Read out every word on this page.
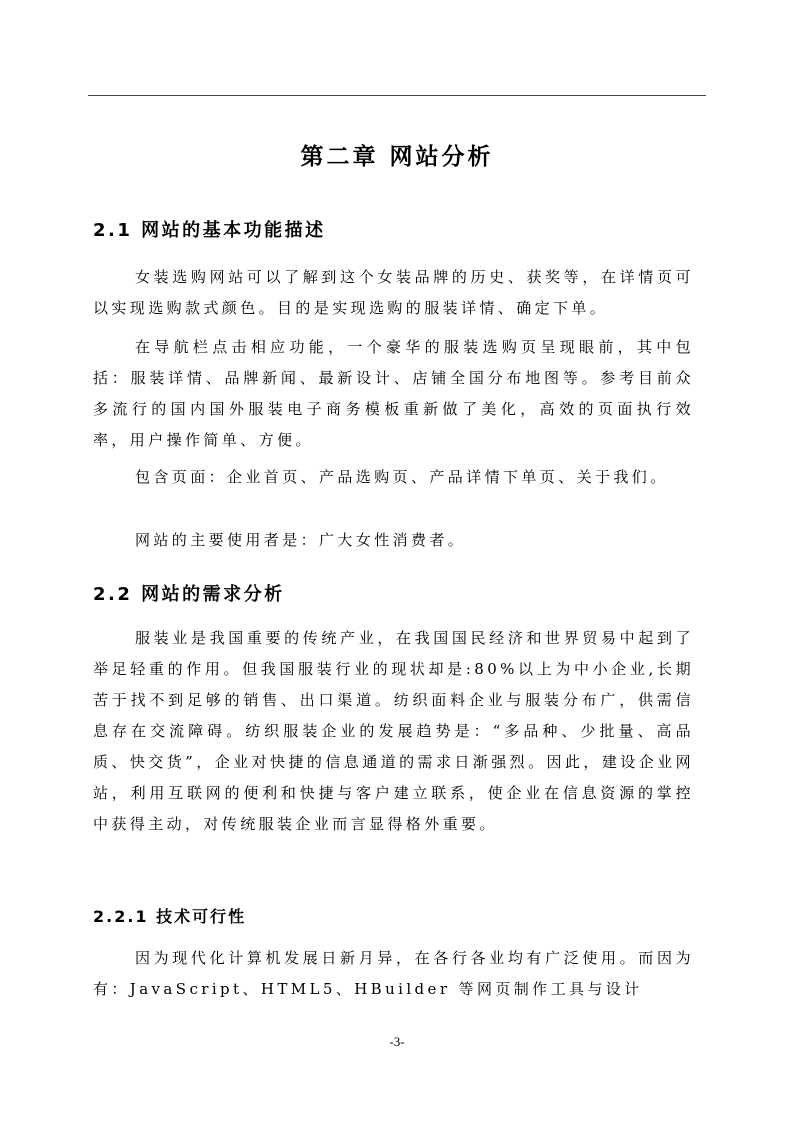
第二章 网站分析
2.1 网站的基本功能描述
女装选购网站可以了解到这个女装品牌的历史、获奖等，在详情页可以实现选购款式颜色。目的是实现选购的服装详情、确定下单。
在导航栏点击相应功能，一个豪华的服装选购页呈现眼前，其中包括：服装详情、品牌新闻、最新设计、店铺全国分布地图等。参考目前众多流行的国内国外服装电子商务模板重新做了美化，高效的页面执行效率，用户操作简单、方便。
包含页面：企业首页、产品选购页、产品详情下单页、关于我们。
网站的主要使用者是：广大女性消费者。
2.2 网站的需求分析
服装业是我国重要的传统产业，在我国国民经济和世界贸易中起到了举足轻重的作用。但我国服装行业的现状却是:80%以上为中小企业,长期苦于找不到足够的销售、出口渠道。纺织面料企业与服装分布广，供需信息存在交流障碍。纺织服装企业的发展趋势是：“多品种、少批量、高品质、快交货”，企业对快捷的信息通道的需求日渐强烈。因此，建设企业网站，利用互联网的便利和快捷与客户建立联系，使企业在信息资源的掌控中获得主动，对传统服装企业而言显得格外重要。
2.2.1 技术可行性
因为现代化计算机发展日新月异，在各行各业均有广泛使用。而因为有：JavaScript、HTML5、HBuilder 等网页制作工具与设计
-3-
